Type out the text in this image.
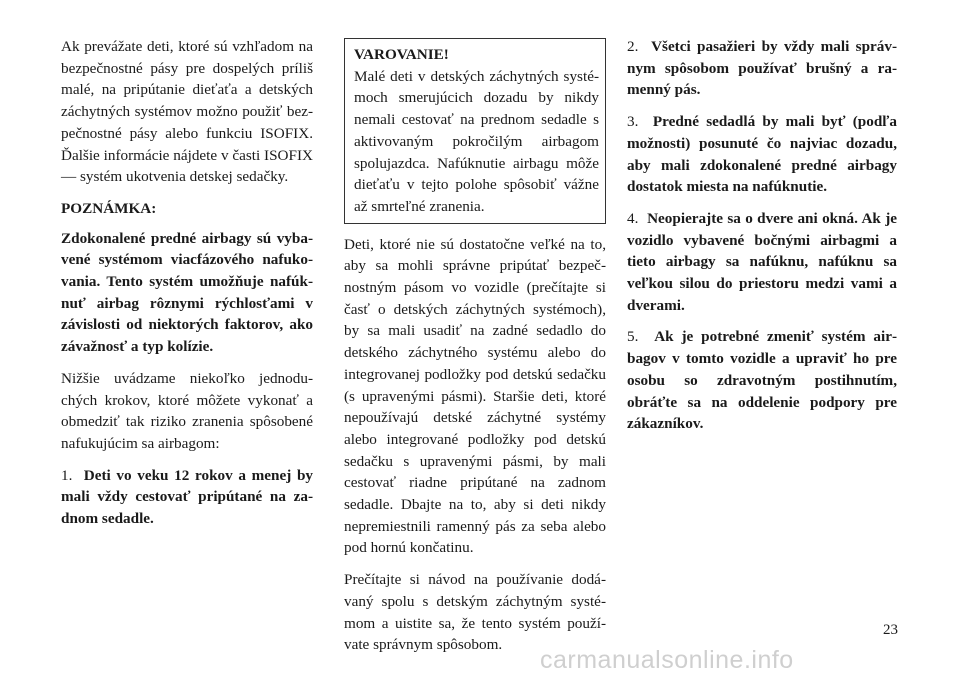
Ak prevážate deti, ktoré sú vzhľadom na bezpečnostné pásy pre dospelých príliš malé, na pripútanie dieťaťa a detských záchytných systémov možno použiť bezpečnostné pásy alebo funkciu ISOFIX. Ďalšie informácie nájdete v časti ISOFIX — systém ukotvenia detskej sedačky.

POZNÁMKA:

Zdokonalené predné airbagy sú vybavené systémom viacfázového nafukovania. Tento systém umožňuje nafúknuť airbag rôznymi rýchlosťami v závislosti od niektorých faktorov, ako závažnosť a typ kolízie.

Nižšie uvádzame niekoľko jednoduchých krokov, ktoré môžete vykonať a obmedziť tak riziko zranenia spôsobené nafukujúcim sa airbagom:

1. Deti vo veku 12 rokov a menej by mali vždy cestovať pripútané na zadnom sedadle.

VAROVANIE!

Malé deti v detských záchytných systémoch smerujúcich dozadu by nikdy nemali cestovať na prednom sedadle s aktivovaným pokročilým airbagom spolujazdca. Nafúknutie airbagu môže dieťaťu v tejto polohe spôsobiť vážne až smrteľné zranenia.

Deti, ktoré nie sú dostatočne veľké na to, aby sa mohli správne pripútať bezpečnostným pásom vo vozidle (prečítajte si časť o detských záchytných systémoch), by sa mali usadiť na zadné sedadlo do detského záchytného systému alebo do integrovanej podložky pod detskú sedačku (s upravenými pásmi). Staršie deti, ktoré nepoužívajú detské záchytné systémy alebo integrované podložky pod detskú sedačku s upravenými pásmi, by mali cestovať riadne pripútané na zadnom sedadle. Dbajte na to, aby si deti nikdy nepremiestnili ramenný pás za seba alebo pod hornú končatinu.

Prečítajte si návod na používanie dodávaný spolu s detským záchytným systémom a uistite sa, že tento systém používate správnym spôsobom.

2. Všetci pasažieri by vždy mali správnym spôsobom používať brušný a ramenný pás.

3. Predné sedadlá by mali byť (podľa možnosti) posunuté čo najviac dozadu, aby mali zdokonalené predné airbagy dostatok miesta na nafúknutie.

4. Neopierajte sa o dvere ani okná. Ak je vozidlo vybavené bočnými airbagmi a tieto airbagy sa nafúknu, nafúknu sa veľkou silou do priestoru medzi vami a dverami.

5. Ak je potrebné zmeniť systém airbagov v tomto vozidle a upraviť ho pre osobu so zdravotným postihnutím, obráťte sa na oddelenie podpory pre zákazníkov.

23
carmanualsonline.info
